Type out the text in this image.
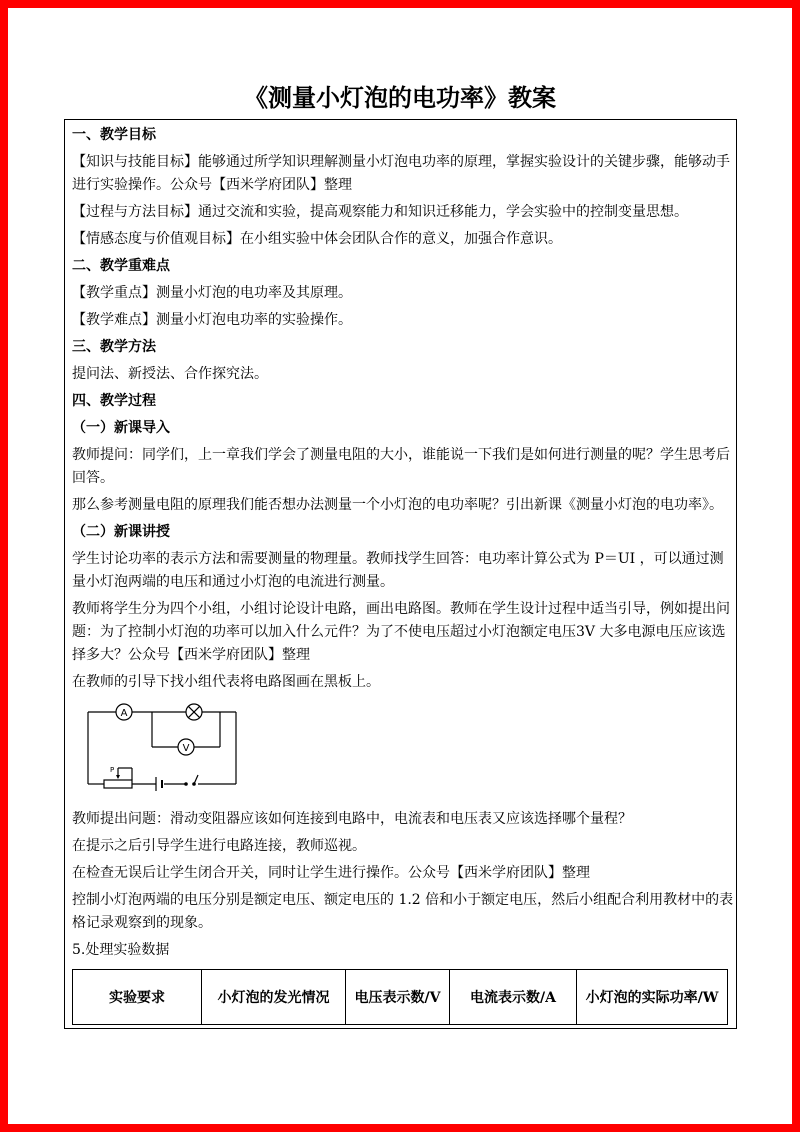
《测量小灯泡的电功率》教案

一、教学目标

【知识与技能目标】能够通过所学知识理解测量小灯泡电功率的原理，掌握实验设计的关键步骤，能够动手进行实验操作。公众号【西米学府团队】整理

【过程与方法目标】通过交流和实验，提高观察能力和知识迁移能力，学会实验中的控制变量思想。

【情感态度与价值观目标】在小组实验中体会团队合作的意义，加强合作意识。

二、教学重难点

【教学重点】测量小灯泡的电功率及其原理。

【教学难点】测量小灯泡电功率的实验操作。

三、教学方法

提问法、新授法、合作探究法。

四、教学过程

（一）新课导入

教师提问：同学们，上一章我们学会了测量电阻的大小，谁能说一下我们是如何进行测量的呢？学生思考后回答。

那么参考测量电阻的原理我们能否想办法测量一个小灯泡的电功率呢？引出新课《测量小灯泡的电功率》。

（二）新课讲授

学生讨论功率的表示方法和需要测量的物理量。教师找学生回答：电功率计算公式为 P＝UI ，可以通过测量小灯泡两端的电压和通过小灯泡的电流进行测量。

教师将学生分为四个小组，小组讨论设计电路，画出电路图。教师在学生设计过程中适当引导，例如提出问题：为了控制小灯泡的功率可以加入什么元件？为了不使电压超过小灯泡额定电压3V 大多电源电压应该选择多大？公众号【西米学府团队】整理

在教师的引导下找小组代表将电路图画在黑板上。

A
V
P

教师提出问题：滑动变阻器应该如何连接到电路中，电流表和电压表又应该选择哪个量程？

在提示之后引导学生进行电路连接，教师巡视。

在检查无误后让学生闭合开关，同时让学生进行操作。公众号【西米学府团队】整理

控制小灯泡两端的电压分别是额定电压、额定电压的 1.2 倍和小于额定电压，然后小组配合利用教材中的表格记录观察到的现象。

5.处理实验数据

实验要求	小灯泡的发光情况	电压表示数/V	电流表示数/A	小灯泡的实际功率/W
